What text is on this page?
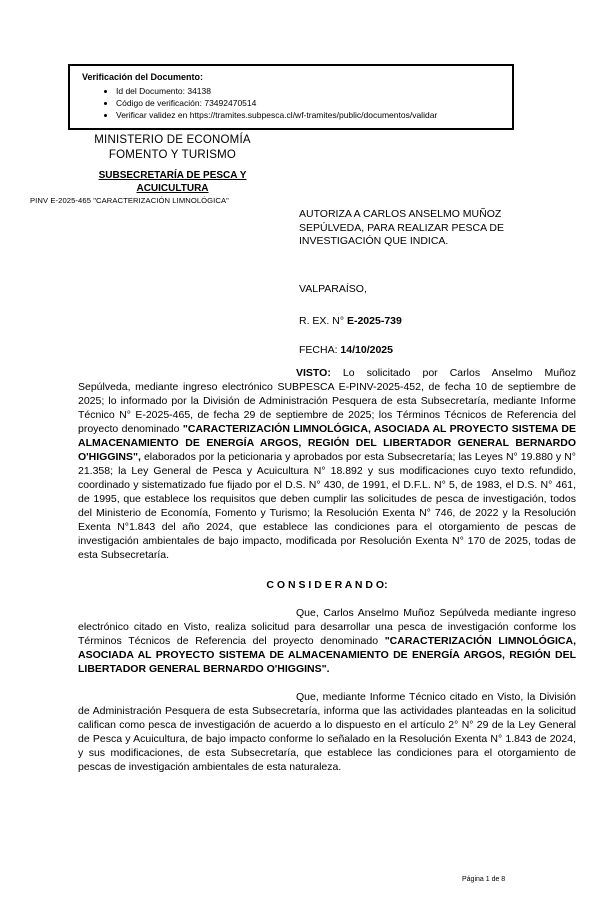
Verificación del Documento:
• Id del Documento: 34138
• Código de verificación: 73492470514
• Verificar validez en https://tramites.subpesca.cl/wf-tramites/public/documentos/validar
MINISTERIO DE ECONOMÍA
FOMENTO Y TURISMO
SUBSECRETARÍA DE PESCA Y ACUICULTURA
PINV E-2025-465 "CARACTERIZACIÓN LIMNOLÓGICA"
AUTORIZA A CARLOS ANSELMO MUÑOZ SEPÚLVEDA, PARA REALIZAR PESCA DE INVESTIGACIÓN QUE INDICA.
VALPARAÍSO,
R. EX. N° E-2025-739
FECHA: 14/10/2025

VISTO: Lo solicitado por Carlos Anselmo Muñoz Sepúlveda, mediante ingreso electrónico SUBPESCA E-PINV-2025-452, de fecha 10 de septiembre de 2025; lo informado por la División de Administración Pesquera de esta Subsecretaría, mediante Informe Técnico N° E-2025-465, de fecha 29 de septiembre de 2025; los Términos Técnicos de Referencia del proyecto denominado "CARACTERIZACIÓN LIMNOLÓGICA, ASOCIADA AL PROYECTO SISTEMA DE ALMACENAMIENTO DE ENERGÍA ARGOS, REGIÓN DEL LIBERTADOR GENERAL BERNARDO O'HIGGINS", elaborados por la peticionaria y aprobados por esta Subsecretaría; las Leyes N° 19.880 y N° 21.358; la Ley General de Pesca y Acuicultura N° 18.892 y sus modificaciones cuyo texto refundido, coordinado y sistematizado fue fijado por el D.S. N° 430, de 1991, el D.F.L. N° 5, de 1983, el D.S. N° 461, de 1995, que establece los requisitos que deben cumplir las solicitudes de pesca de investigación, todos del Ministerio de Economía, Fomento y Turismo; la Resolución Exenta N° 746, de 2022 y la Resolución Exenta N°1.843 del año 2024, que establece las condiciones para el otorgamiento de pescas de investigación ambientales de bajo impacto, modificada por Resolución Exenta N° 170 de 2025, todas de esta Subsecretaría.

C O N S I D E R A N D O:

Que, Carlos Anselmo Muñoz Sepúlveda mediante ingreso electrónico citado en Visto, realiza solicitud para desarrollar una pesca de investigación conforme los Términos Técnicos de Referencia del proyecto denominado "CARACTERIZACIÓN LIMNOLÓGICA, ASOCIADA AL PROYECTO SISTEMA DE ALMACENAMIENTO DE ENERGÍA ARGOS, REGIÓN DEL LIBERTADOR GENERAL BERNARDO O'HIGGINS".

Que, mediante Informe Técnico citado en Visto, la División de Administración Pesquera de esta Subsecretaría, informa que las actividades planteadas en la solicitud califican como pesca de investigación de acuerdo a lo dispuesto en el artículo 2° N° 29 de la Ley General de Pesca y Acuicultura, de bajo impacto conforme lo señalado en la Resolución Exenta N° 1.843 de 2024, y sus modificaciones, de esta Subsecretaría, que establece las condiciones para el otorgamiento de pescas de investigación ambientales de esta naturaleza.

Página 1 de 8
